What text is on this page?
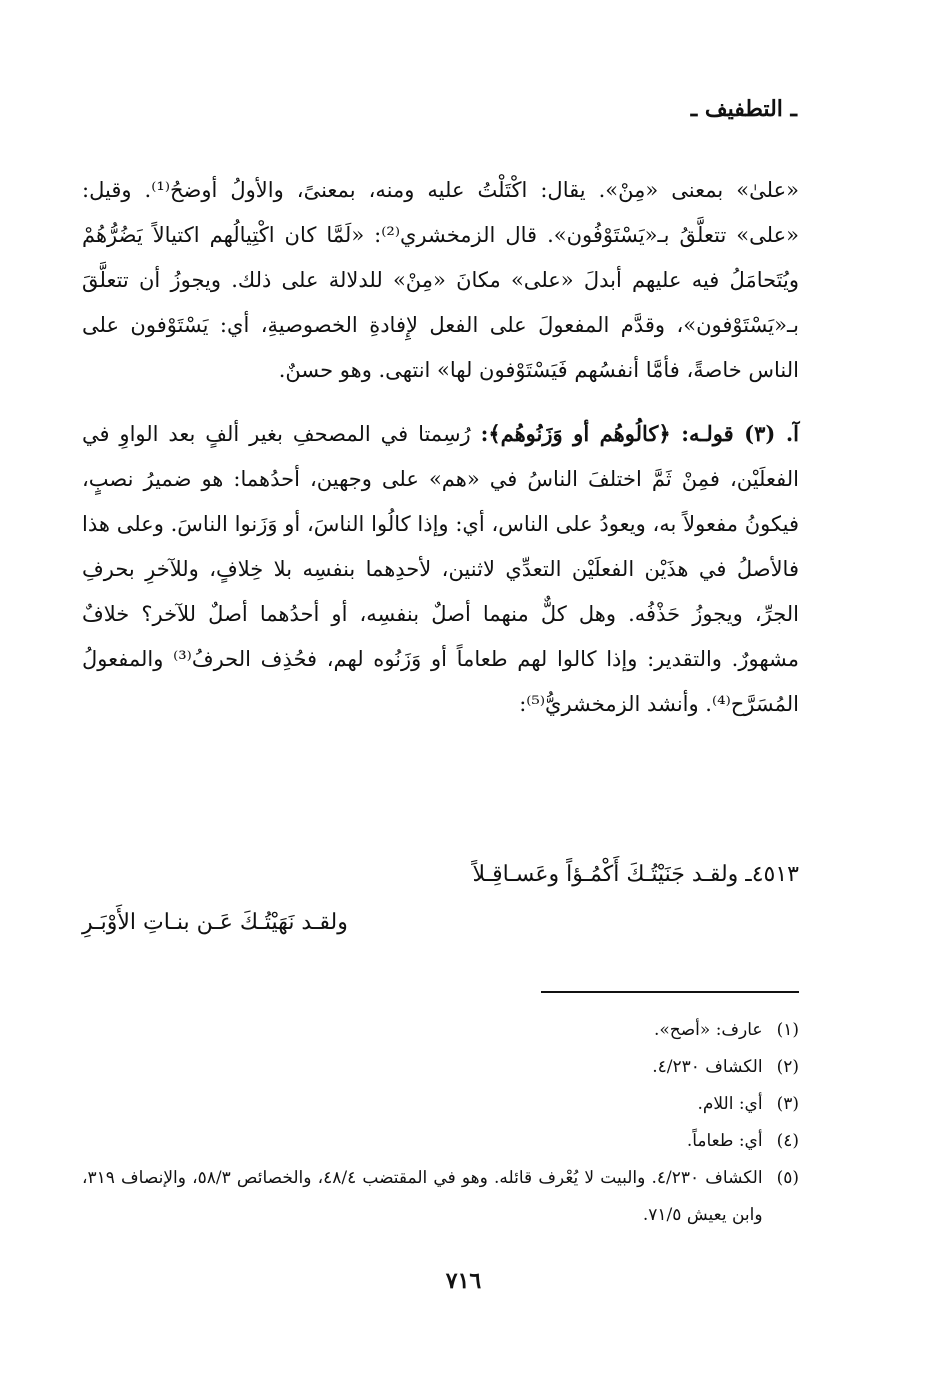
ـ التطفيف ـ

«علىٰ» بمعنى «مِنْ». يقال: اكْتَلْتُ عليه ومنه، بمعنىً، والأولُ أوضحُ⁽¹⁾. وقيل: «على» تتعلَّقُ بـ«يَسْتَوْفُون». قال الزمخشري⁽²⁾: «لَمَّا كان اكْتِيالُهم اكتيالاً يَضُرُّهُمْ ويُتَحامَلُ فيه عليهم أبدلَ «على» مكانَ «مِنْ» للدلالة على ذلك. ويجوزُ أن تتعلَّقَ بـ«يَسْتَوْفون»، وقدَّم المفعولَ على الفعل لإِفادةِ الخصوصيةِ، أي: يَسْتَوْفون على الناس خاصةً، فأمَّا أنفسُهم فَيَسْتَوْفون لها» انتهى. وهو حسنٌ.

آ. (٣) قولـه: ﴿كالُوهُم أو وَزَنُوهُم﴾: رُسِمتا في المصحفِ بغير ألفٍ بعد الواوِ في الفعلَيْن، فمِنْ ثَمَّ اختلفَ الناسُ في «هم» على وجهين، أحدُهما: هو ضميرُ نصبٍ، فيكونُ مفعولاً به، ويعودُ على الناس، أي: وإذا كالُوا الناسَ، أو وَزَنوا الناسَ. وعلى هذا فالأصلُ في هذَيْن الفعلَيْن التعدِّي لاثنين، لأحدِهما بنفسِه بلا خِلافٍ، وللآخرِ بحرفِ الجرِّ، ويجوزُ حَذْفُه. وهل كلٌّ منهما أصلٌ بنفسِه، أو أحدُهما أصلٌ للآخر؟ خلافٌ مشهورٌ. والتقدير: وإذا كالوا لهم طعاماً أو وَزَنُوه لهم، فحُذِف الحرفُ⁽³⁾ والمفعولُ المُسَرَّح⁽⁴⁾. وأنشد الزمخشريُّ⁽⁵⁾:

٤٥١٣ـ ولقـد جَنَيْتُـكَ أَكْمُـؤاً وعَسـاقِـلاً
ولقـد نَهَيْتُـكَ عَـن بنـاتِ الأَوْبَـرِ
(١)
عارف: «أصح».
(٢)
الكشاف ٤/٢٣٠.
(٣)
أي: اللام.
(٤)
أي: طعاماً.
(٥)
الكشاف ٤/٢٣٠. والبيت لا يُعْرف قائله. وهو في المقتضب ٤٨/٤، والخصائص ٥٨/٣، والإنصاف ٣١٩، وابن يعيش ٧١/٥.
٧١٦
